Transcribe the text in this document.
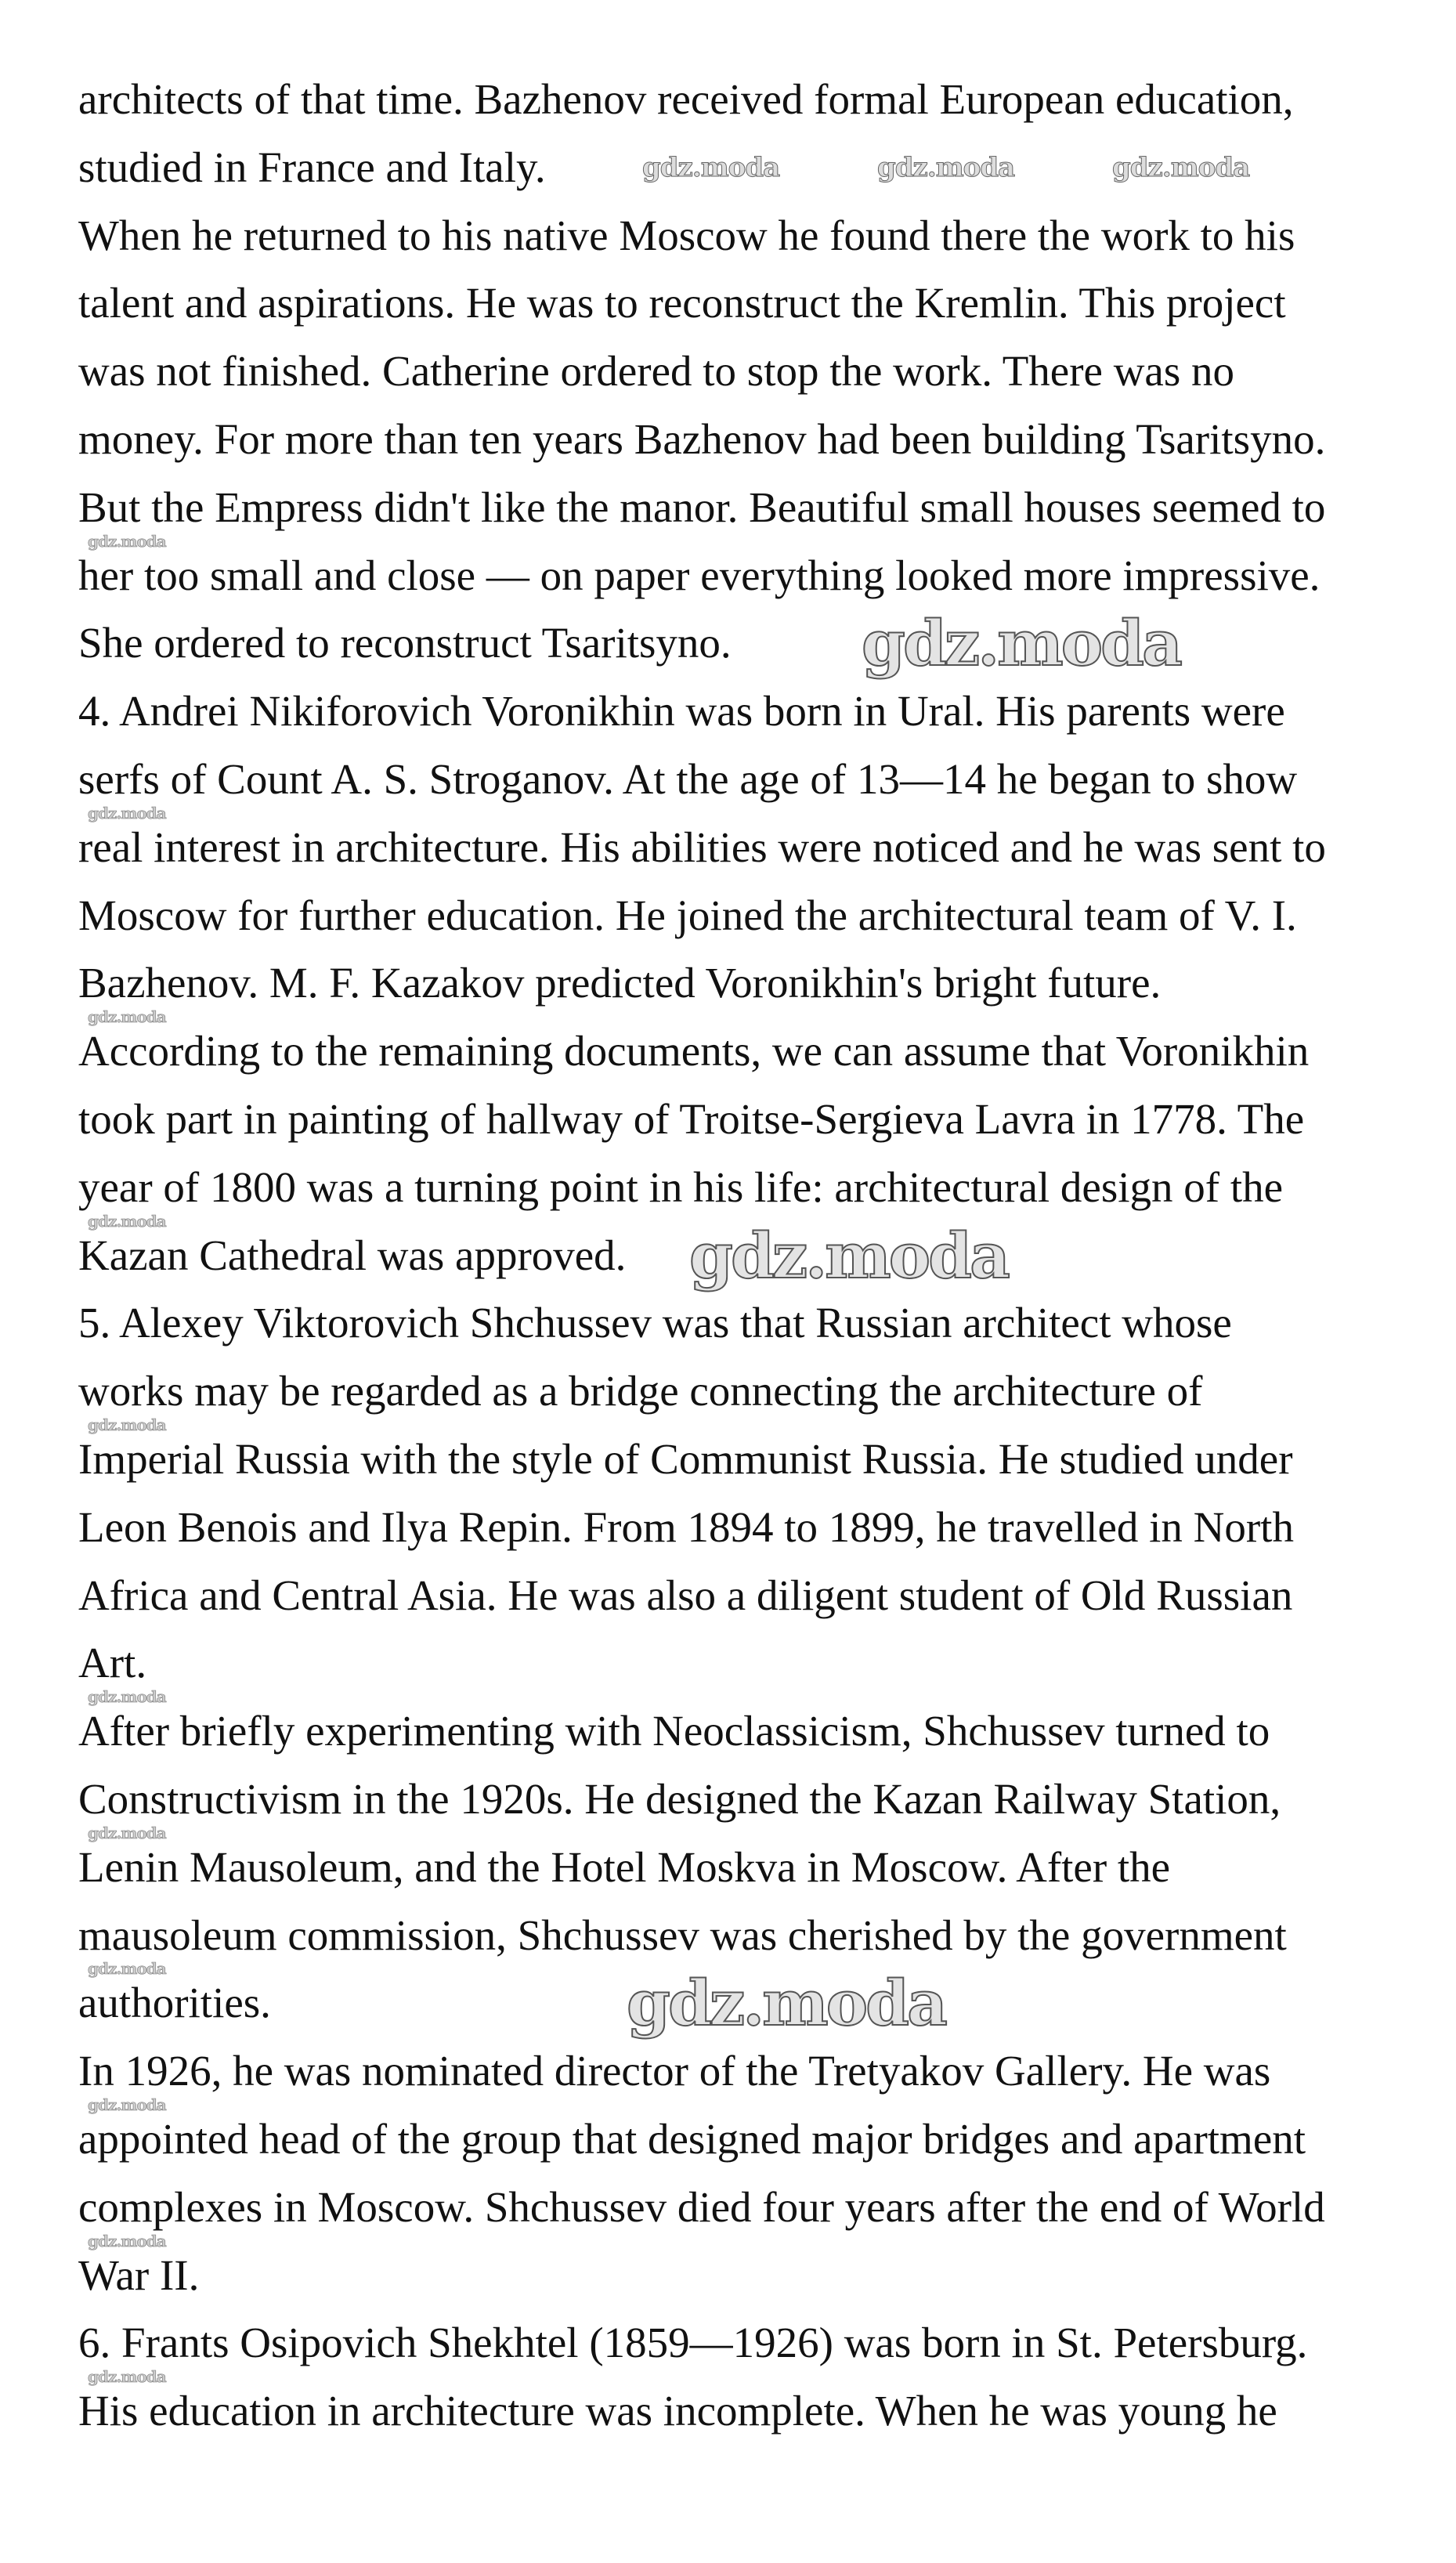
architects of that time. Bazhenov received formal European education,
studied in France and Italy.
When he returned to his native Moscow he found there the work to his
talent and aspirations. He was to reconstruct the Kremlin. This project
was not finished. Catherine ordered to stop the work. There was no
money. For more than ten years Bazhenov had been building Tsaritsyno.
But the Empress didn't like the manor. Beautiful small houses seemed to
her too small and close — on paper everything looked more impressive.
She ordered to reconstruct Tsaritsyno.
4. Andrei Nikiforovich Voronikhin was born in Ural. His parents were
serfs of Count A. S. Stroganov. At the age of 13—14 he began to show
real interest in architecture. His abilities were noticed and he was sent to
Moscow for further education. He joined the architectural team of V. I.
Bazhenov. M. F. Kazakov predicted Voronikhin's bright future.
According to the remaining documents, we can assume that Voronikhin
took part in painting of hallway of Troitse-Sergieva Lavra in 1778. The
year of 1800 was a turning point in his life: architectural design of the
Kazan Cathedral was approved.
5. Alexey Viktorovich Shchussev was that Russian architect whose
works may be regarded as a bridge connecting the architecture of
Imperial Russia with the style of Communist Russia. He studied under
Leon Benois and Ilya Repin. From 1894 to 1899, he travelled in North
Africa and Central Asia. He was also a diligent student of Old Russian
Art.
After briefly experimenting with Neoclassicism, Shchussev turned to
Constructivism in the 1920s. He designed the Kazan Railway Station,
Lenin Mausoleum, and the Hotel Moskva in Moscow. After the
mausoleum commission, Shchussev was cherished by the government
authorities.
In 1926, he was nominated director of the Tretyakov Gallery. He was
appointed head of the group that designed major bridges and apartment
complexes in Moscow. Shchussev died four years after the end of World
War II.
6. Frants Osipovich Shekhtel (1859—1926) was born in St. Petersburg.
His education in architecture was incomplete. When he was young he
gdz.moda	gdz.moda	gdz.moda
gdz.moda
gdz.moda
gdz.moda
gdz.moda
gdz.moda
gdz.moda
gdz.moda
gdz.moda
gdz.moda
gdz.moda
gdz.moda
gdz.moda
gdz.moda
gdz.moda
